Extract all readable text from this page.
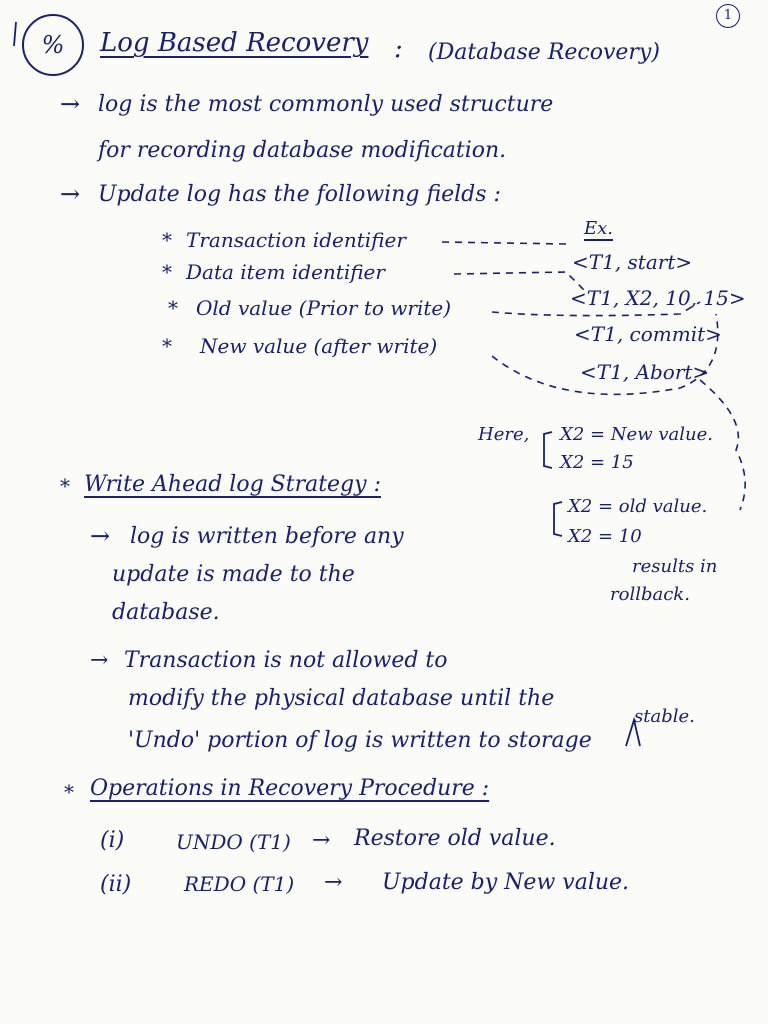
1
%	Log Based Recovery : (Database Recovery)
→ log is the most commonly used structure
for recording database modification.
→ Update log has the following fields :
* Transaction identifier
* Data item identifier
* Old value (Prior to write)
* New value (after write)
Ex.
<T1, start>
<T1, X2, 10, 15>
<T1, commit>
<T1, Abort>
Here, X2 = New value.
X2 = 15
X2 = old value.
X2 = 10
results in
rollback.
* Write Ahead log Strategy :
→ log is written before any
update is made to the
database.
→ Transaction is not allowed to
modify the physical database until the
stable.
'Undo' portion of log is written to storage
* Operations in Recovery Procedure :
(i)	UNDO (T1) → Restore old value.
(ii)	REDO (T1) → Update by New value.
